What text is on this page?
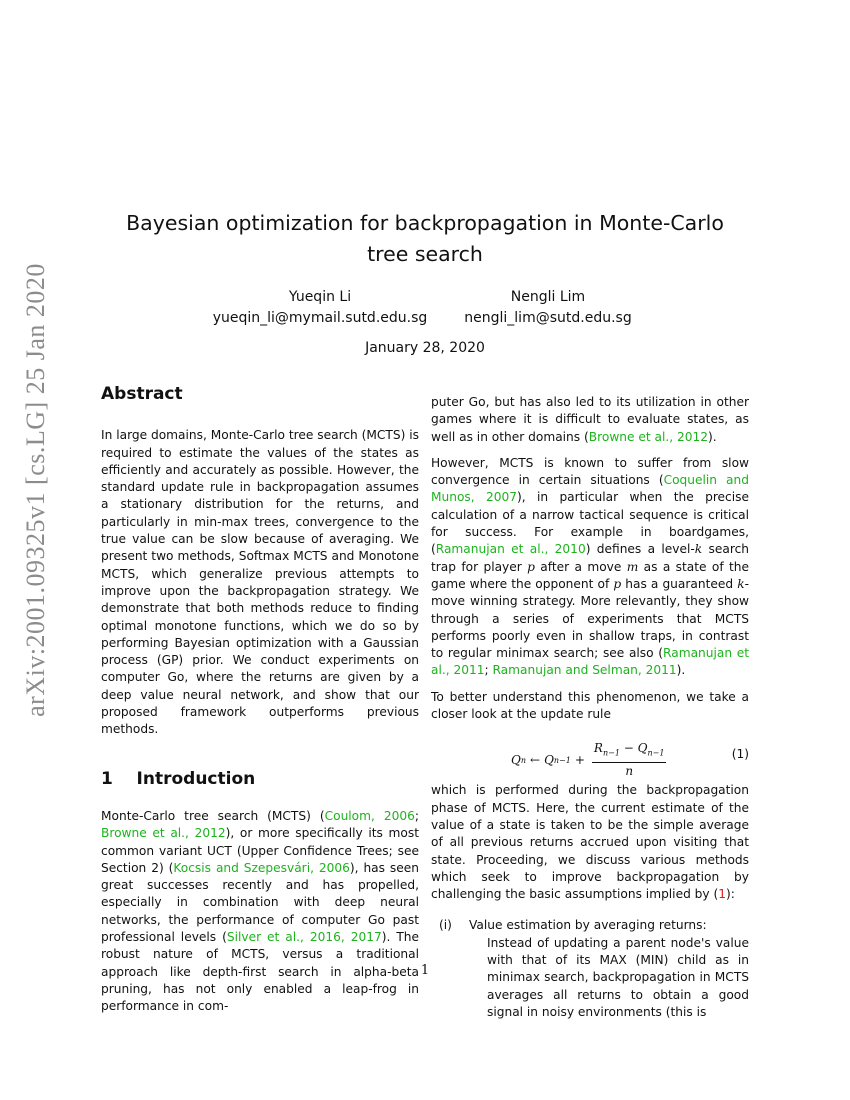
arXiv:2001.09325v1 [cs.LG] 25 Jan 2020
Bayesian optimization for backpropagation in Monte-Carlo tree search
Yueqin Li
yueqin_li@mymail.sutd.edu.sg
Nengli Lim
nengli_lim@sutd.edu.sg
January 28, 2020
Abstract

In large domains, Monte-Carlo tree search (MCTS) is required to estimate the values of the states as efficiently and accurately as possible. However, the standard update rule in backpropagation assumes a stationary distribution for the returns, and particularly in min-max trees, convergence to the true value can be slow because of averaging. We present two methods, Softmax MCTS and Monotone MCTS, which generalize previous attempts to improve upon the backpropagation strategy. We demonstrate that both methods reduce to finding optimal monotone functions, which we do so by performing Bayesian optimization with a Gaussian process (GP) prior. We conduct experiments on computer Go, where the returns are given by a deep value neural network, and show that our proposed framework outperforms previous methods.

1 Introduction

Monte-Carlo tree search (MCTS) (Coulom, 2006; Browne et al., 2012), or more specifically its most common variant UCT (Upper Confidence Trees; see Section 2) (Kocsis and Szepesvári, 2006), has seen great successes recently and has propelled, especially in combination with deep neural networks, the performance of computer Go past professional levels (Silver et al., 2016, 2017). The robust nature of MCTS, versus a traditional approach like depth-first search in alpha-beta pruning, has not only enabled a leap-frog in performance in com-

puter Go, but has also led to its utilization in other games where it is difficult to evaluate states, as well as in other domains (Browne et al., 2012).

However, MCTS is known to suffer from slow convergence in certain situations (Coquelin and Munos, 2007), in particular when the precise calculation of a narrow tactical sequence is critical for success. For example in boardgames, (Ramanujan et al., 2010) defines a level-k search trap for player p after a move m as a state of the game where the opponent of p has a guaranteed k-move winning strategy. More relevantly, they show through a series of experiments that MCTS performs poorly even in shallow traps, in contrast to regular minimax search; see also (Ramanujan et al., 2011; Ramanujan and Selman, 2011).

To better understand this phenomenon, we take a closer look at the update rule

Q n ← Q $n-1 + \frac{R_{n-1} - Q_{n-1}}{n}$	(1)

which is performed during the backpropagation phase of MCTS. Here, the current estimate of the value of a state is taken to be the simple average of all previous returns accrued upon visiting that state. Proceeding, we discuss various methods which seek to improve backpropagation by challenging the basic assumptions implied by (1):

(i)	Value estimation by averaging returns:
Instead of updating a parent node's value with that of its MAX (MIN) child as in minimax search, backpropagation in MCTS averages all returns to obtain a good signal in noisy environments (this is
1
